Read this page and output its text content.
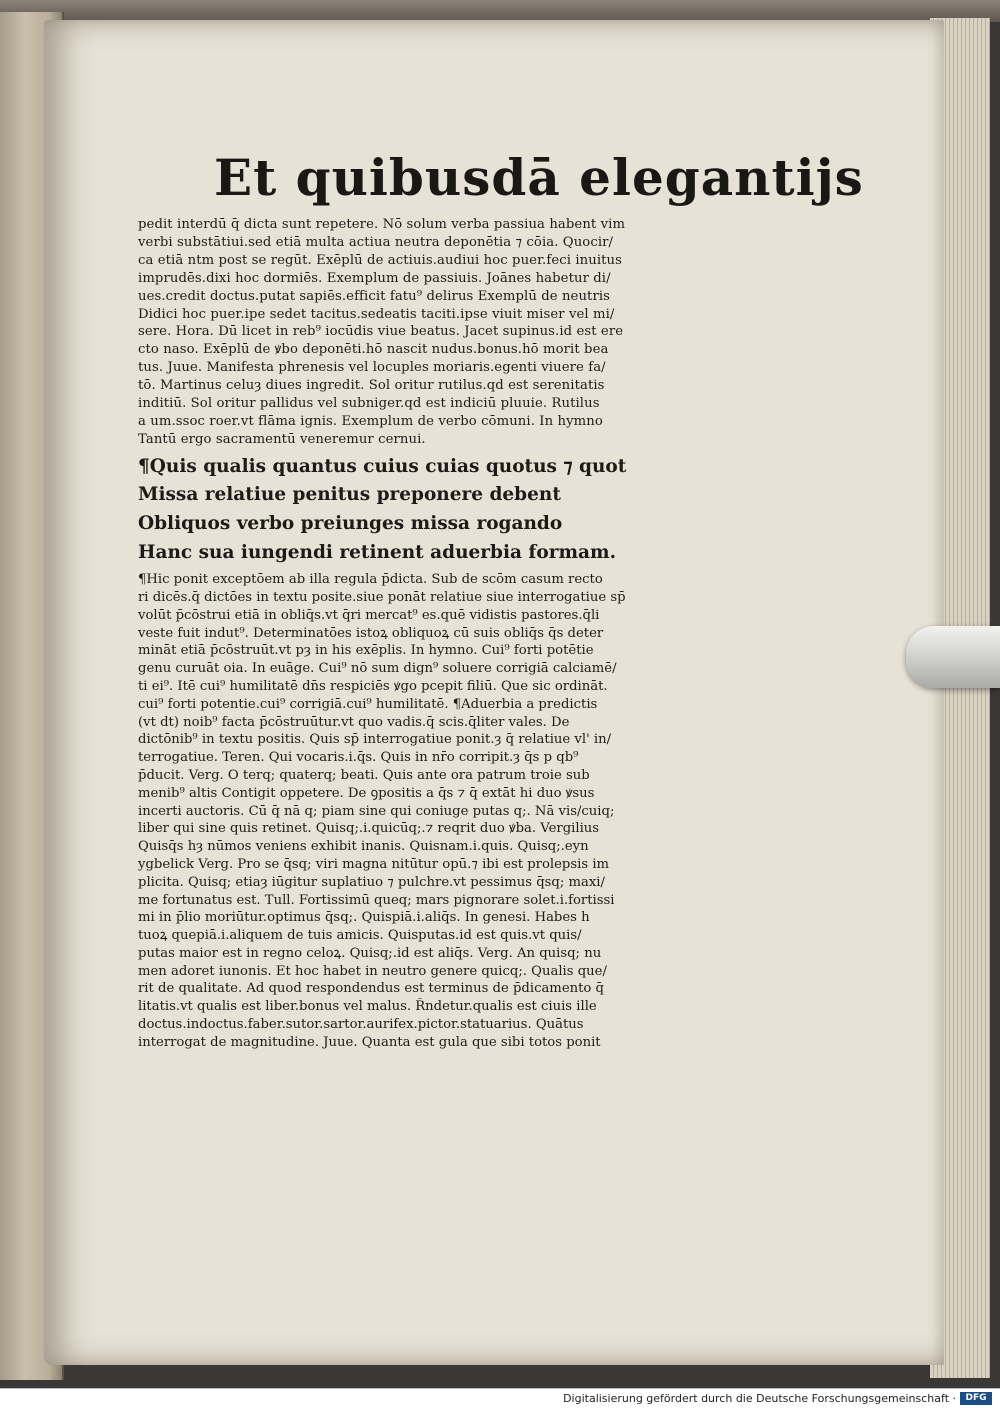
Et quibusdā elegantijs
pedit interdū q̄ dicta sunt repetere. Nō solum verba passiua habent vim
verbi substātiui.sed etiā multa actiua neutra deponētia ⁊ cōia. Quocir/
ca etiā nt̄m post se regūt. Exēplū de actiuis.audiui hoc puer.feci inuitus
imprudēs.dixi hoc dormiēs. Exemplum de passiuis. Joānes habetur di/
ues.credit doctus.putat sapiēs.efficit fatu⁹ delirus Exemplū de neutris
Didici hoc puer.ipe sedet tacitus.sedeatis taciti.ipse viuit miser vel mi/
sere. Hora. Dū licet in reb⁹ iocūdis viue beatus. Jacet supinus.id est ere
cto naso. Exēplū de ꝟbo deponēti.hō nascit nudus.bonus.hō morit bea
tus. Juue. Manifesta phrenesis vel locuples moriaris.egenti viuere fa/
tō. Martinus celuȝ diues ingredit. Sol oritur rutilus.qd̄ est serenitatis
inditiū. Sol oritur pallidus vel subniger.qd̄ est indiciū pluuie. Rutilus
a um.ssoc roer.vt flāma ignis. Exemplum de verbo cōmuni. In hymno
Tantū ergo sacramentū veneremur cernui.
¶Quis qualis quantus cuius cuias quotus ⁊ quot
Missa relatiue penitus preponere debent
Obliquos verbo preiunges missa rogando
Hanc sua iungendi retinent aduerbia formam.
¶Hic ponit exceptōem ab illa regula p̄dicta. Sub de scōm casum recto
ri dicēs.q̄ dictōes in textu posite.siue ponāt relatiue siue interrogatiue sp̄
volūt p̄cōstrui etiā in obliq̄s.vt q̄ri mercat⁹ es.quē vidistis pastores.q̄li
veste fuit indut⁹. Determinatōes istoꝝ obliquoꝝ cū suis obliq̄s q̄s deter
mināt etiā p̄cōstruūt.vt pȝ in his exēplis. In hymno. Cui⁹ forti potētie
genu curuāt oia. In euāge. Cui⁹ nō sum dign⁹ soluere corrigiā calciamē/
ti ei⁹. Itē cui⁹ humilitatē dn̄s respiciēs ꝟgo pcepit filiū. Que sic ordināt.
cui⁹ forti potentie.cui⁹ corrigiā.cui⁹ humilitatē. ¶Aduerbia a predictis
(vt d̄t) noib⁹ facta p̄cōstruūtur.vt quo vadis.q̄ scis.q̄liter vales. De
dictōnib⁹ in textu positis. Quis sp̄ interrogatiue ponit.ȝ q̄ relatiue vl' in/
terrogatiue. Teren. Qui vocaris.i.q̄s. Quis in nr̄o corripit.ȝ q̄s p qb⁹
p̄ducit. Verg. O terq; quaterq; beati. Quis ante ora patrum troie sub
menib⁹ altis Contigit oppetere. De ꝯpositis a q̄s ⁊ q̄ extāt hi duo ꝟsus
incerti auctoris. Cū q̄ nā q; piam sine qui coniuge putas q;. Nā vis/cuiq;
liber qui sine quis retinet. Quisq;.i.quicūq;.⁊ reqrit duo ꝟba. Vergilius
Quisq̄s hȝ nūmos veniens exhibit inanis. Quisnam.i.quis. Quisq;.eyn
ygbelick Verg. Pro se q̄sq; viri magna nitūtur opū.⁊ ibi est prolepsis im
plicita. Quisq; etiaȝ iūgitur suplatiuo ⁊ pulchre.vt pessimus q̄sq; maxi/
me fortunatus est. Tull. Fortissimū queq; mars pignorare solet.i.fortissi
mi in p̄lio moriūtur.optimus q̄sq;. Quispiā.i.aliq̄s. In genesi. Habes h
tuoꝝ quepiā.i.aliquem de tuis amicis. Quisputas.id est quis.vt quis/
putas maior est in regno celoꝝ. Quisq;.id est aliq̄s. Verg. An quisq; nu
men adoret iunonis. Et hoc habet in neutro genere quicq;. Qualis que/
rit de qualitate. Ad quod respondendus est terminus de p̄dicamento q̄
litatis.vt qualis est liber.bonus vel malus. R̄ndetur.qualis est ciuis ille
doctus.indoctus.faber.sutor.sartor.aurifex.pictor.statuarius. Quātus
interrogat de magnitudine. Juue. Quanta est gula que sibi totos ponit
Digitalisierung gefördert durch die Deutsche Forschungsgemeinschaft ·	DFG
